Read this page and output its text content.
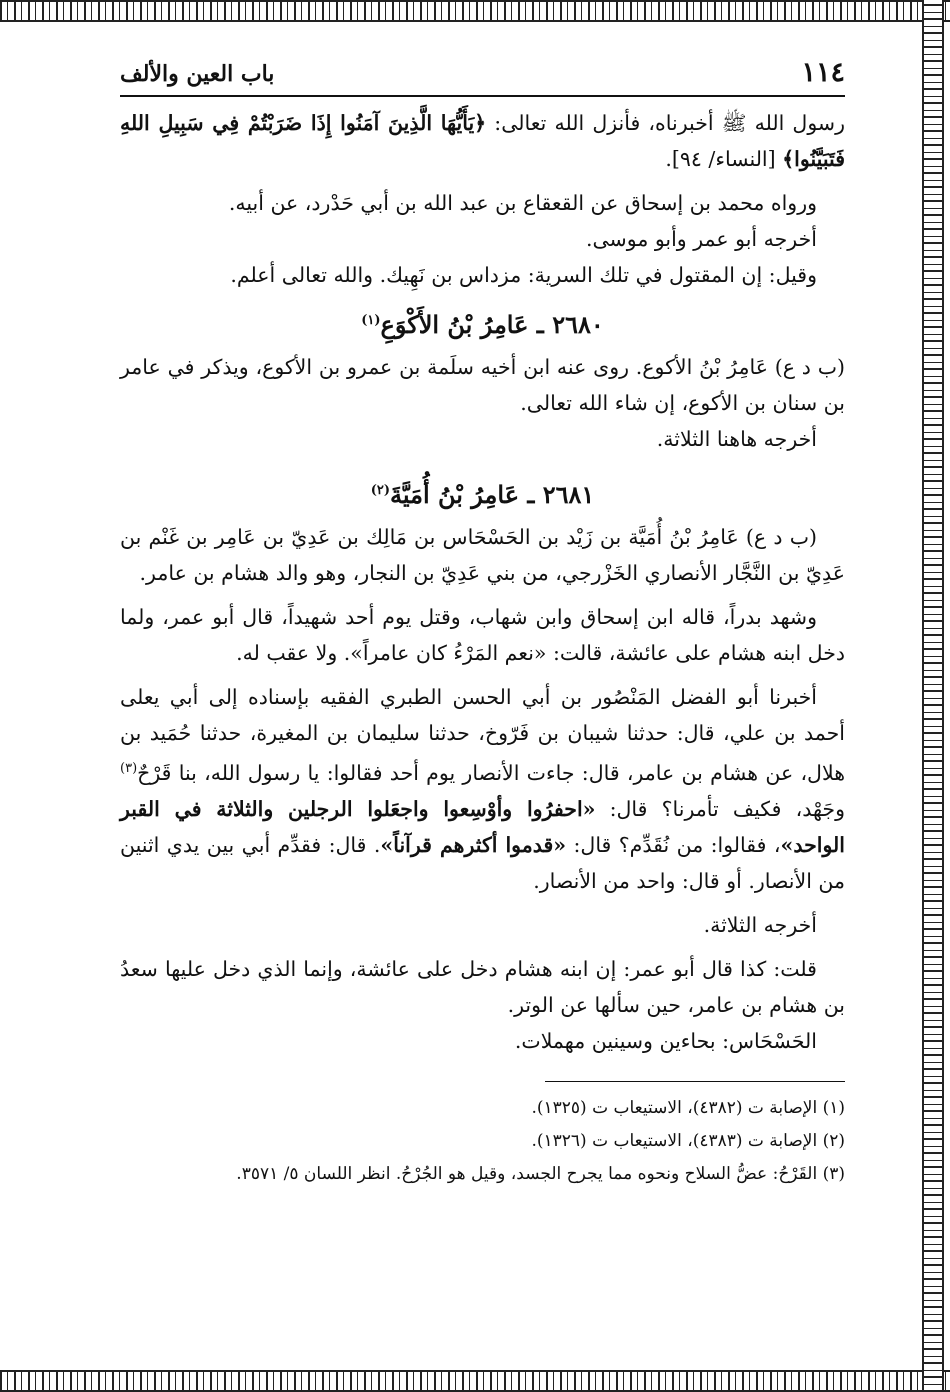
١١٤
باب العين والألف

رسول الله ﷺ أخبرناه، فأنزل الله تعالى: ﴿يَأَيُّهَا الَّذِينَ آمَنُوا إِذَا ضَرَبْتُمْ فِي سَبِيلِ اللهِ فَتَبَيَّنُوا﴾ [النساء/ ٩٤].

ورواه محمد بن إسحاق عن القعقاع بن عبد الله بن أبي حَدْرد، عن أبيه.

أخرجه أبو عمر وأبو موسى.

وقيل: إن المقتول في تلك السرية: مزداس بن نَهِيك. والله تعالى أعلم.

٢٦٨٠ ـ عَامِرُ بْنُ الأَكْوَعِ$^{(١)}$

(ب د ع) عَامِرُ بْنُ الأكوع. روى عنه ابن أخيه سلَمة بن عمرو بن الأكوع، ويذكر في عامر بن سنان بن الأكوع، إن شاء الله تعالى.

أخرجه هاهنا الثلاثة.

٢٦٨١ ـ عَامِرُ بْنُ أُمَيَّةَ$^{(٢)}$

(ب د ع) عَامِرُ بْنُ أُمَيَّة بن زَيْد بن الحَسْحَاس بن مَالِك بن عَدِيّ بن عَامِر بن غَنْم بن عَدِيّ بن النَّجَّار الأنصاري الخَزْرجي، من بني عَدِيّ بن النجار، وهو والد هشام بن عامر.

وشهد بدراً، قاله ابن إسحاق وابن شهاب، وقتل يوم أحد شهيداً، قال أبو عمر، ولما دخل ابنه هشام على عائشة، قالت: «نعم المَرْءُ كان عامراً». ولا عقب له.

أخبرنا أبو الفضل المَنْصُور بن أبي الحسن الطبري الفقيه بإسناده إلى أبي يعلى أحمد بن علي، قال: حدثنا شيبان بن فَرّوخ، حدثنا سليمان بن المغيرة، حدثنا حُمَيد بن هلال، عن هشام بن عامر، قال: جاءت الأنصار يوم أحد فقالوا: يا رسول الله، بنا قَرْحٌ$^{(٣)}$ وجَهْد، فكيف تأمرنا؟ قال: «احفرُوا وأوْسِعوا واجعَلوا الرجلين والثلاثة في القبر الواحد»، فقالوا: من نُقَدِّم؟ قال: «قدموا أكثرهم قرآناً». قال: فقدِّم أبي بين يدي اثنين من الأنصار. أو قال: واحد من الأنصار.

أخرجه الثلاثة.

قلت: كذا قال أبو عمر: إن ابنه هشام دخل على عائشة، وإنما الذي دخل عليها سعدُ بن هشام بن عامر، حين سألها عن الوتر.

الحَسْحَاس: بحاءين وسينين مهملات.

(١) الإصابة ت (٤٣٨٢)، الاستيعاب ت (١٣٢٥).

(٢) الإصابة ت (٤٣٨٣)، الاستيعاب ت (١٣٢٦).

(٣) القَرْحُ: عضُّ السلاح ونحوه مما يجرح الجسد، وقيل هو الجُرْحُ. انظر اللسان ٥/ ٣٥٧١.
